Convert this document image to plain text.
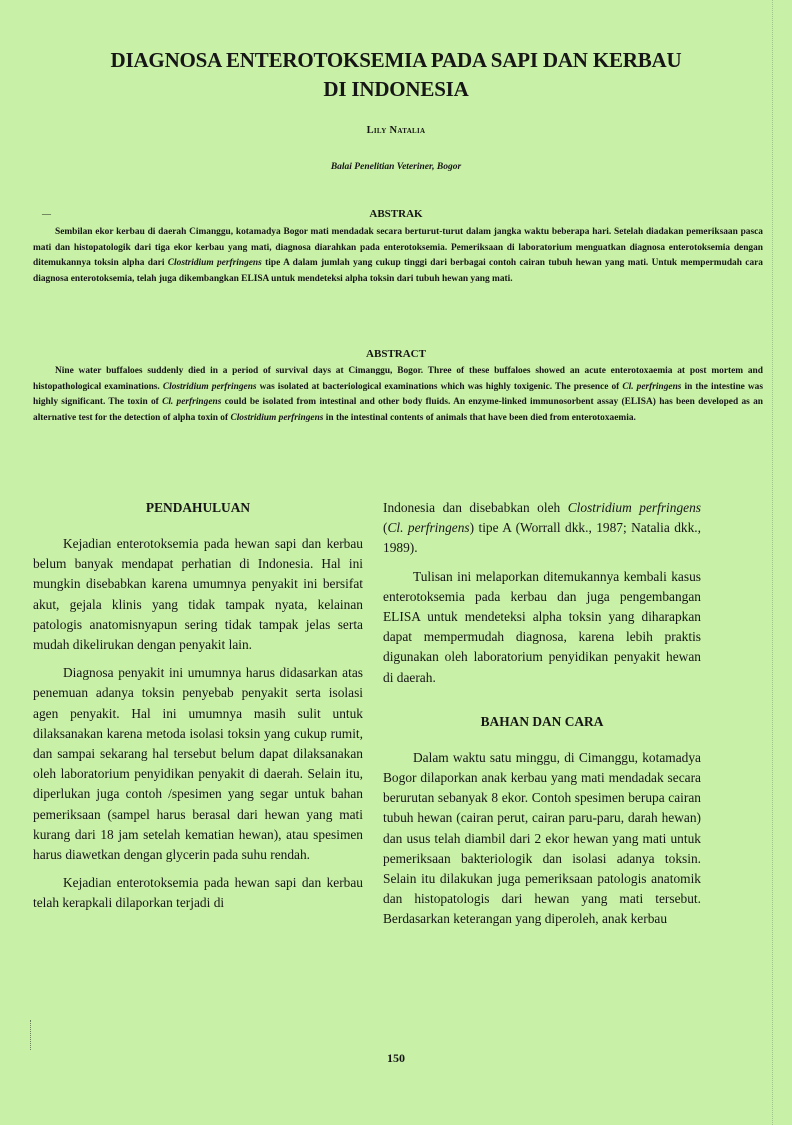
DIAGNOSA ENTEROTOKSEMIA PADA SAPI DAN KERBAU
DI INDONESIA
Lily Natalia
Balai Penelitian Veteriner, Bogor
—	ABSTRAK
Sembilan ekor kerbau di daerah Cimanggu, kotamadya Bogor mati mendadak secara berturut-turut dalam jangka waktu beberapa hari. Setelah diadakan pemeriksaan pasca mati dan histopatologik dari tiga ekor kerbau yang mati, diagnosa diarahkan pada enterotoksemia. Pemeriksaan di laboratorium menguatkan diagnosa enterotoksemia dengan ditemukannya toksin alpha dari Clostridium perfringens tipe A dalam jumlah yang cukup tinggi dari berbagai contoh cairan tubuh hewan yang mati. Untuk mempermudah cara diagnosa enterotoksemia, telah juga dikembangkan ELISA untuk mendeteksi alpha toksin dari tubuh hewan yang mati.
ABSTRACT
Nine water buffaloes suddenly died in a period of survival days at Cimanggu, Bogor. Three of these buffaloes showed an acute enterotoxaemia at post mortem and histopathological examinations. Clostridium perfringens was isolated at bacteriological examinations which was highly toxigenic. The presence of Cl. perfringens in the intestine was highly significant. The toxin of Cl. perfringens could be isolated from intestinal and other body fluids. An enzyme-linked immunosorbent assay (ELISA) has been developed as an alternative test for the detection of alpha toxin of Clostridium perfringens in the intestinal contents of animals that have been died from enterotoxaemia.
PENDAHULUAN

Kejadian enterotoksemia pada hewan sapi dan kerbau belum banyak mendapat perhatian di Indonesia. Hal ini mungkin disebabkan karena umumnya penyakit ini bersifat akut, gejala klinis yang tidak tampak nyata, kelainan patologis anatomisnyapun sering tidak tampak jelas serta mudah dikelirukan dengan penyakit lain.

Diagnosa penyakit ini umumnya harus didasarkan atas penemuan adanya toksin penyebab penyakit serta isolasi agen penyakit. Hal ini umumnya masih sulit untuk dilaksanakan karena metoda isolasi toksin yang cukup rumit, dan sampai sekarang hal tersebut belum dapat dilaksanakan oleh laboratorium penyidikan penyakit di daerah. Selain itu, diperlukan juga contoh /spesimen yang segar untuk bahan pemeriksaan (sampel harus berasal dari hewan yang mati kurang dari 18 jam setelah kematian hewan), atau spesimen harus diawetkan dengan glycerin pada suhu rendah.

Kejadian enterotoksemia pada hewan sapi dan kerbau telah kerapkali dilaporkan terjadi di

Indonesia dan disebabkan oleh Clostridium perfringens (Cl. perfringens) tipe A (Worrall dkk., 1987; Natalia dkk., 1989).

Tulisan ini melaporkan ditemukannya kembali kasus enterotoksemia pada kerbau dan juga pengembangan ELISA untuk mendeteksi alpha toksin yang diharapkan dapat mempermudah diagnosa, karena lebih praktis digunakan oleh laboratorium penyidikan penyakit hewan di daerah.

BAHAN DAN CARA

Dalam waktu satu minggu, di Cimanggu, kotamadya Bogor dilaporkan anak kerbau yang mati mendadak secara berurutan sebanyak 8 ekor. Contoh spesimen berupa cairan tubuh hewan (cairan perut, cairan paru-paru, darah hewan) dan usus telah diambil dari 2 ekor hewan yang mati untuk pemeriksaan bakteriologik dan isolasi adanya toksin. Selain itu dilakukan juga pemeriksaan patologis anatomik dan histopatologis dari hewan yang mati tersebut. Berdasarkan keterangan yang diperoleh, anak kerbau

150
